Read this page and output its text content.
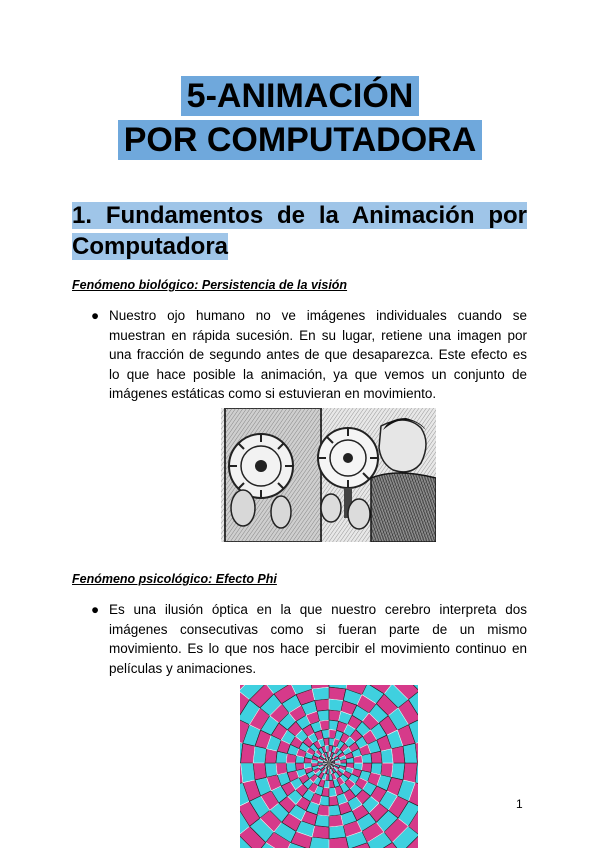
5-ANIMACIÓN
POR COMPUTADORA
1. Fundamentos de la Animación por Computadora
Fenómeno biológico: Persistencia de la visión
● Nuestro ojo humano no ve imágenes individuales cuando se muestran en rápida sucesión. En su lugar, retiene una imagen por una fracción de segundo antes de que desaparezca. Este efecto es lo que hace posible la animación, ya que vemos un conjunto de imágenes estáticas como si estuvieran en movimiento.
Fenómeno psicológico: Efecto Phi
● Es una ilusión óptica en la que nuestro cerebro interpreta dos imágenes consecutivas como si fueran parte de un mismo movimiento. Es lo que nos hace percibir el movimiento continuo en películas y animaciones.
1
